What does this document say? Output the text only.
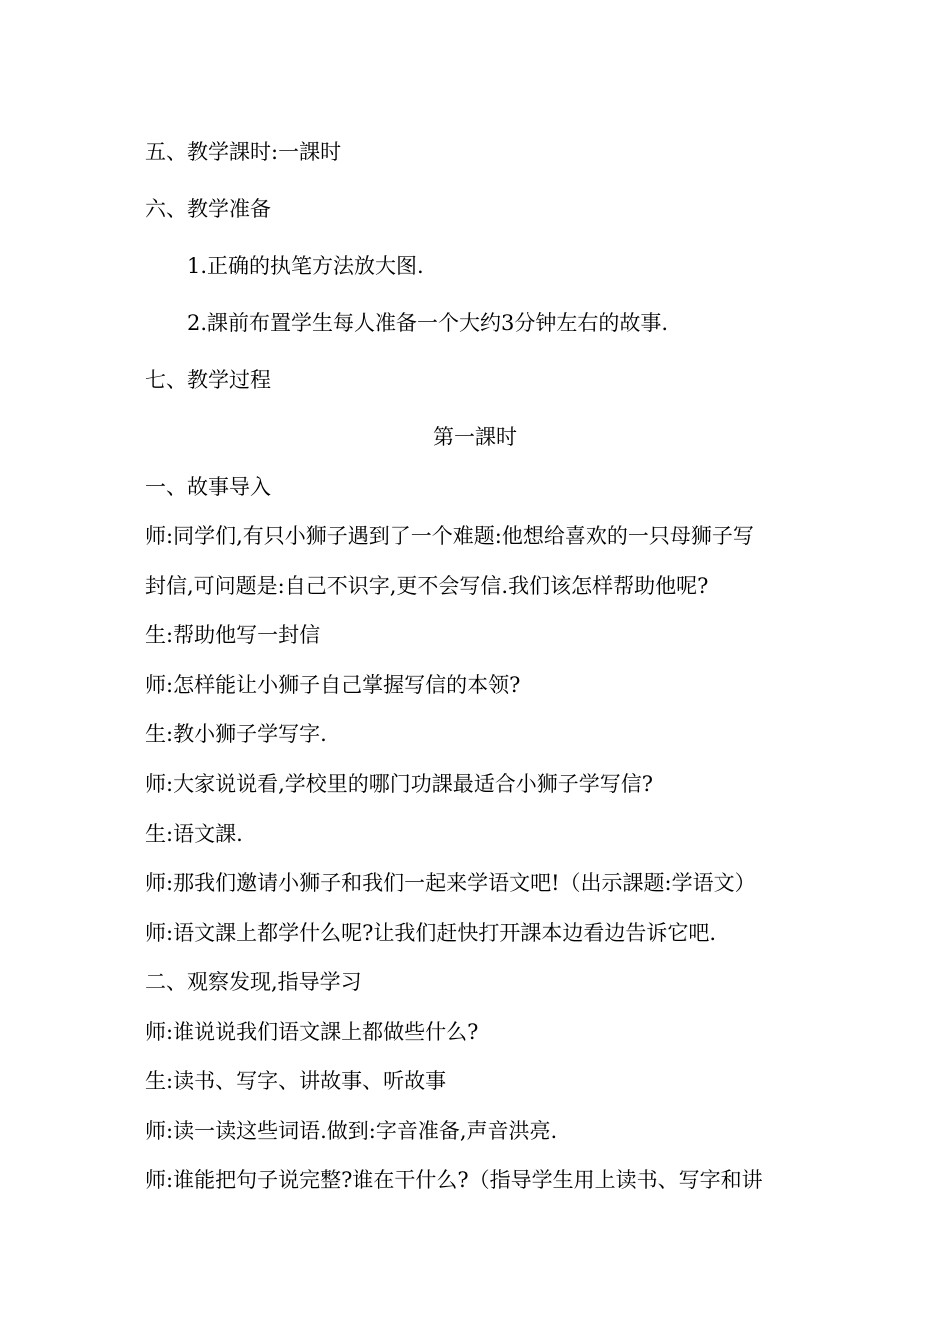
五、教学課时:一課时
六、教学准备
1.正确的执笔方法放大图.
2.課前布置学生每人准备一个大约3分钟左右的故事.
七、教学过程
第一課时
一、故事导入
师:同学们,有只小狮子遇到了一个难题:他想给喜欢的一只母狮子写
封信,可问题是:自己不识字,更不会写信.我们该怎样帮助他呢?
生:帮助他写一封信
师:怎样能让小狮子自己掌握写信的本领?
生:教小狮子学写字.
师:大家说说看,学校里的哪门功課最适合小狮子学写信?
生:语文課.
师:那我们邀请小狮子和我们一起来学语文吧!（出示課题:学语文）
师:语文課上都学什么呢?让我们赶快打开課本边看边告诉它吧.
二、观察发现,指导学习
师:谁说说我们语文課上都做些什么?
生:读书、写字、讲故事、听故事
师:读一读这些词语.做到:字音准备,声音洪亮.
师:谁能把句子说完整?谁在干什么?（指导学生用上读书、写字和讲
